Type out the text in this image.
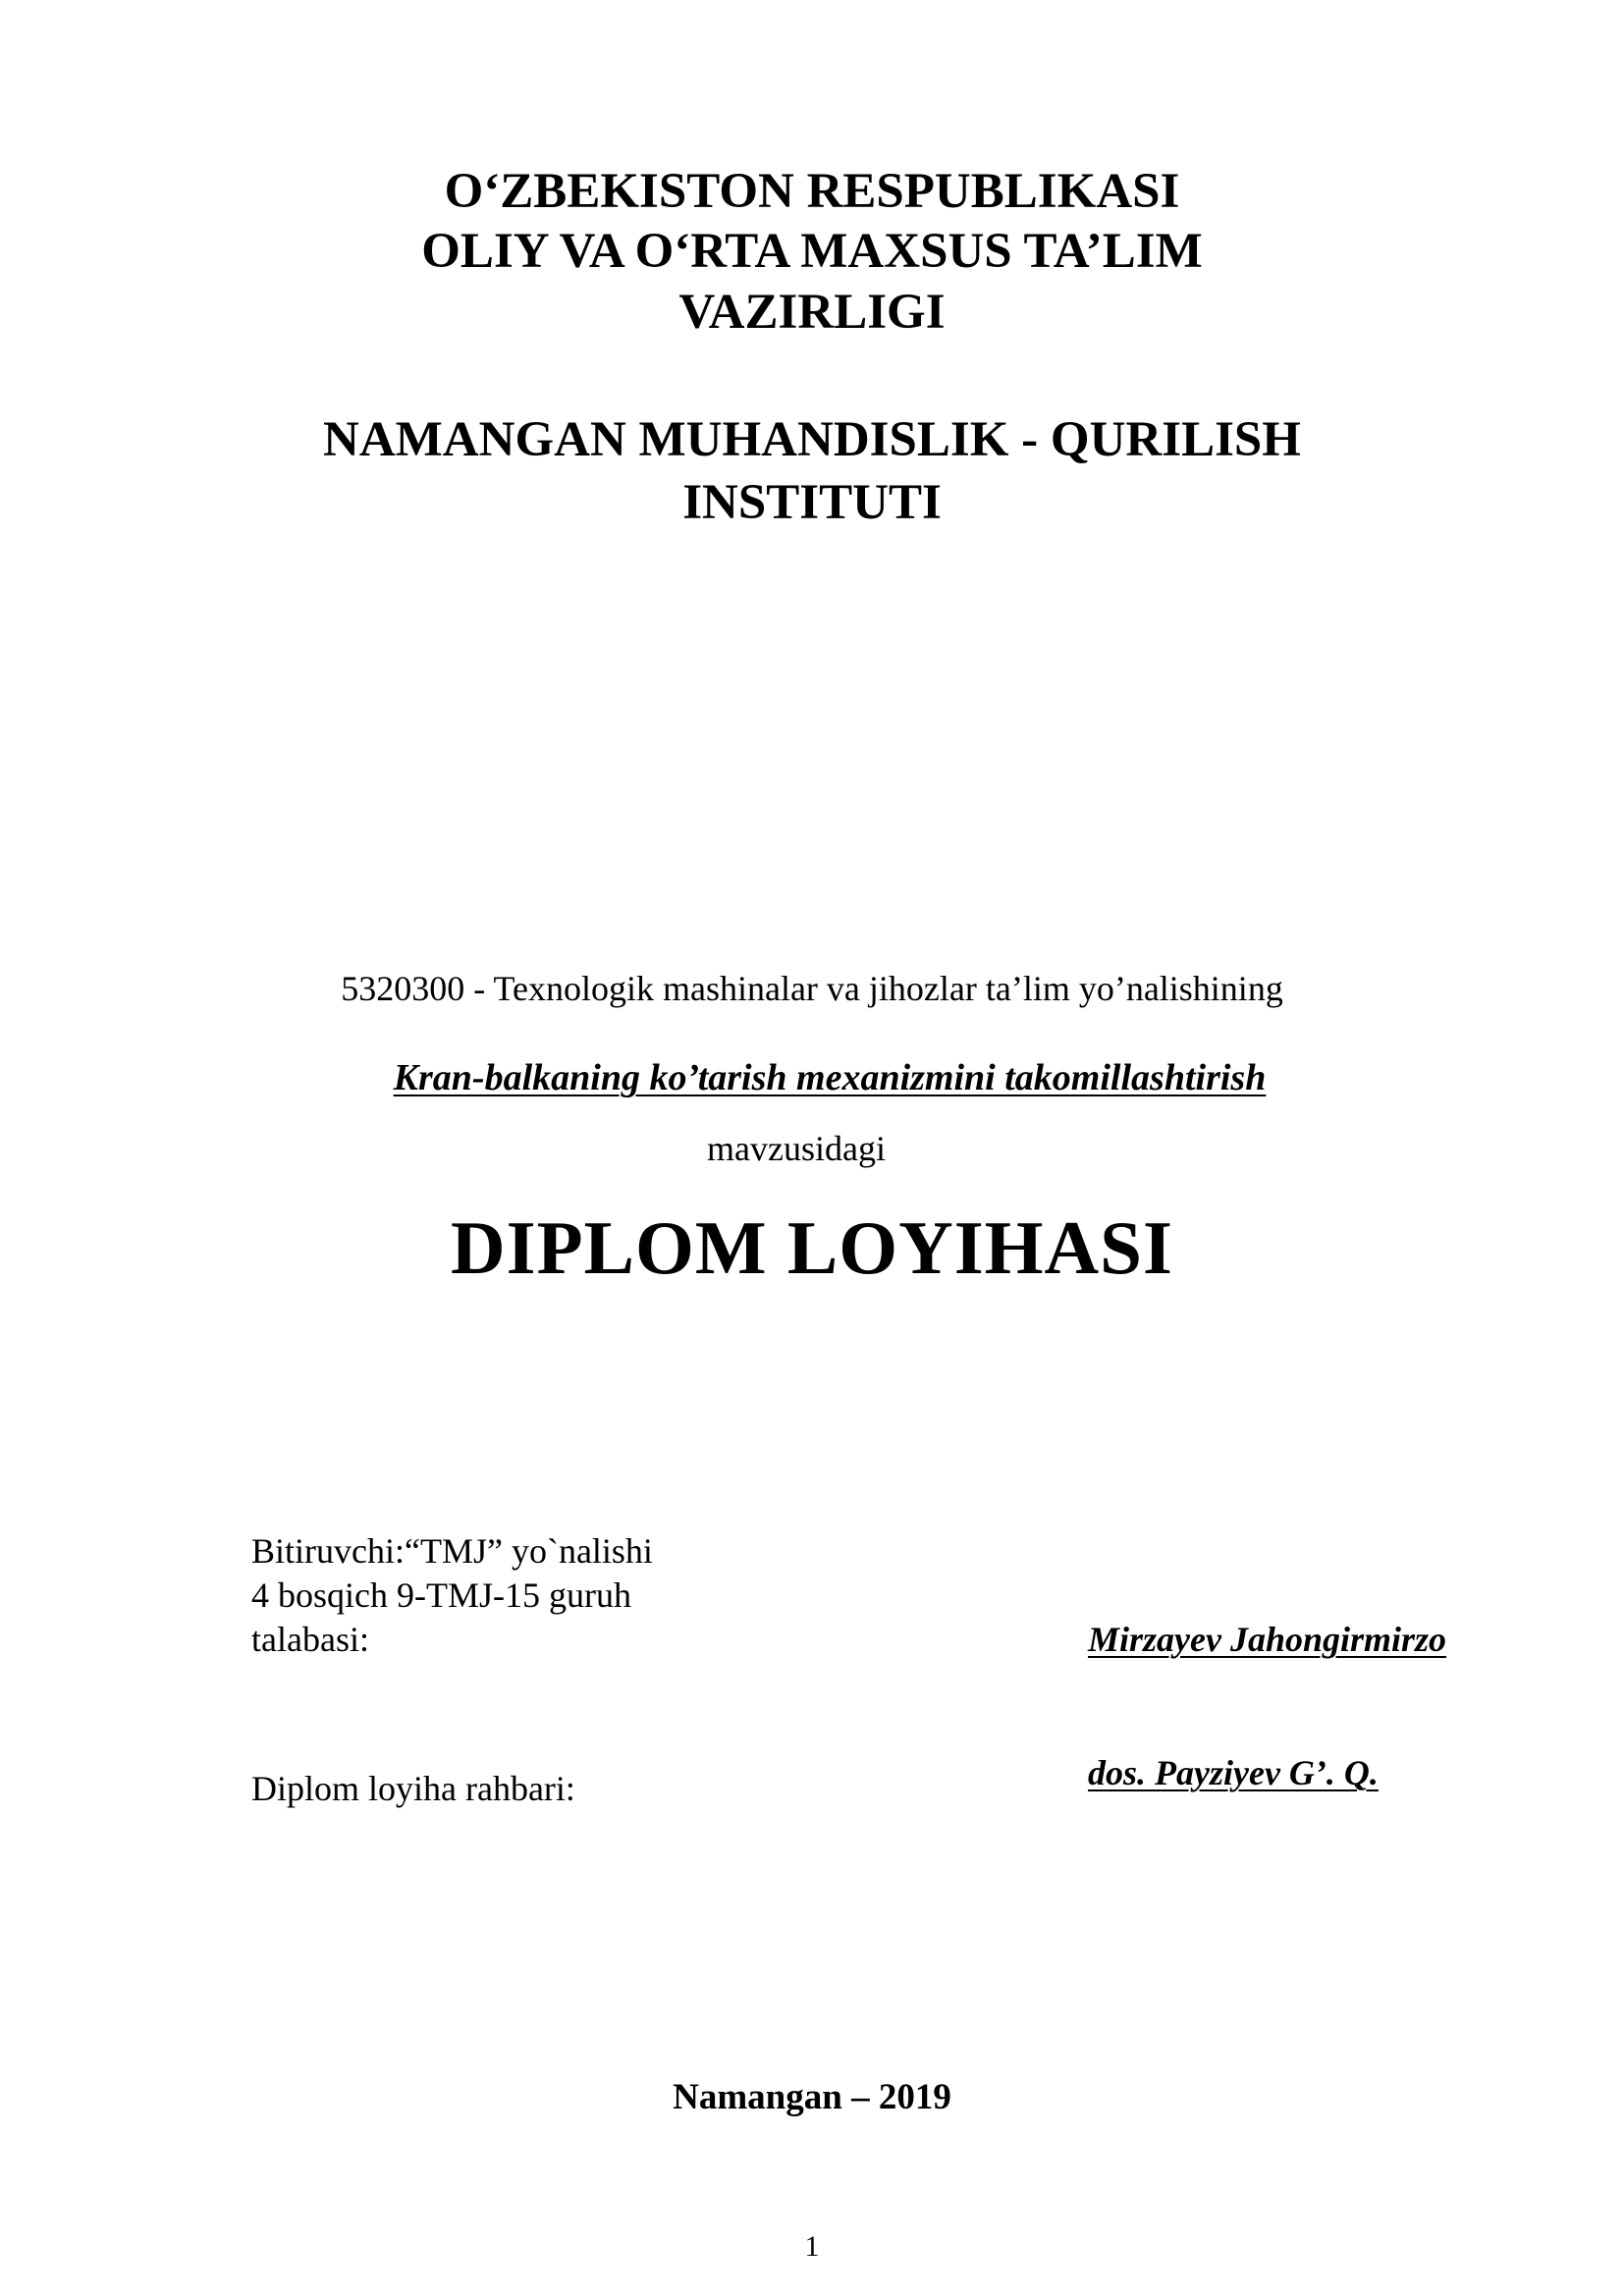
O‘ZBEKISTON RESPUBLIKASI
OLIY VA O‘RTA MAXSUS TA’LIM
VAZIRLIGI
NAMANGAN MUHANDISLIK - QURILISH
INSTITUTI
5320300 - Texnologik mashinalar va jihozlar ta’lim yo’nalishining
Kran-balkaning ko’tarish mexanizmini takomillashtirish
mavzusidagi
DIPLOM LOYIHASI
Bitiruvchi:“TMJ” yo`nalishi
4 bosqich 9-TMJ-15 guruh
talabasi:	Mirzayev Jahongirmirzo
Diplom loyiha rahbari:	dos. Payziyev G’. Q.
Namangan – 2019
1
